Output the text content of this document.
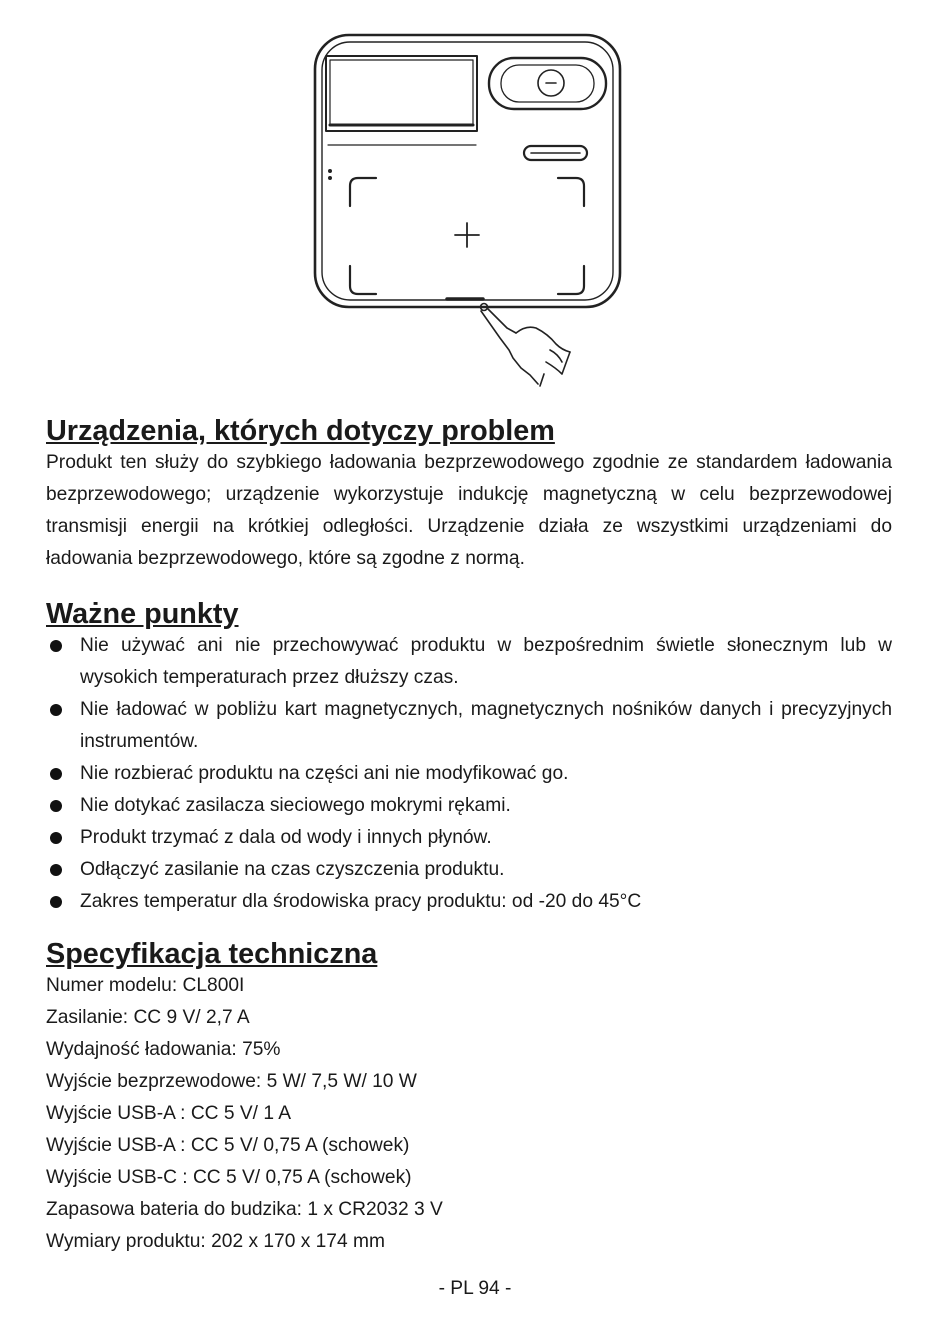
Urządzenia, których dotyczy problem

Produkt ten służy do szybkiego ładowania bezprzewodowego zgodnie ze standardem ładowania bezprzewodowego; urządzenie wykorzystuje indukcję magnetyczną w celu bezprzewodowej transmisji energii na krótkiej odległości. Urządzenie działa ze wszystkimi urządzeniami do ładowania bezprzewodowego, które są zgodne z normą.

Ważne punkty
Nie używać ani nie przechowywać produktu w bezpośrednim świetle słonecznym lub w wysokich temperaturach przez dłuższy czas.
Nie ładować w pobliżu kart magnetycznych, magnetycznych nośników danych i precyzyjnych instrumentów.
Nie rozbierać produktu na części ani nie modyfikować go.
Nie dotykać zasilacza sieciowego mokrymi rękami.
Produkt trzymać z dala od wody i innych płynów.
Odłączyć zasilanie na czas czyszczenia produktu.
Zakres temperatur dla środowiska pracy produktu: od -20 do 45°C
Specyfikacja techniczna

Numer modelu: CL800I

Zasilanie: CC 9 V/ 2,7 A

Wydajność ładowania: 75%

Wyjście bezprzewodowe: 5 W/ 7,5 W/ 10 W

Wyjście USB-A : CC 5 V/ 1 A

Wyjście USB-A : CC 5 V/ 0,75 A (schowek)

Wyjście USB-C : CC 5 V/ 0,75 A (schowek)

Zapasowa bateria do budzika: 1 x CR2032 3 V

Wymiary produktu: 202 x 170 x 174 mm

- PL 94 -
